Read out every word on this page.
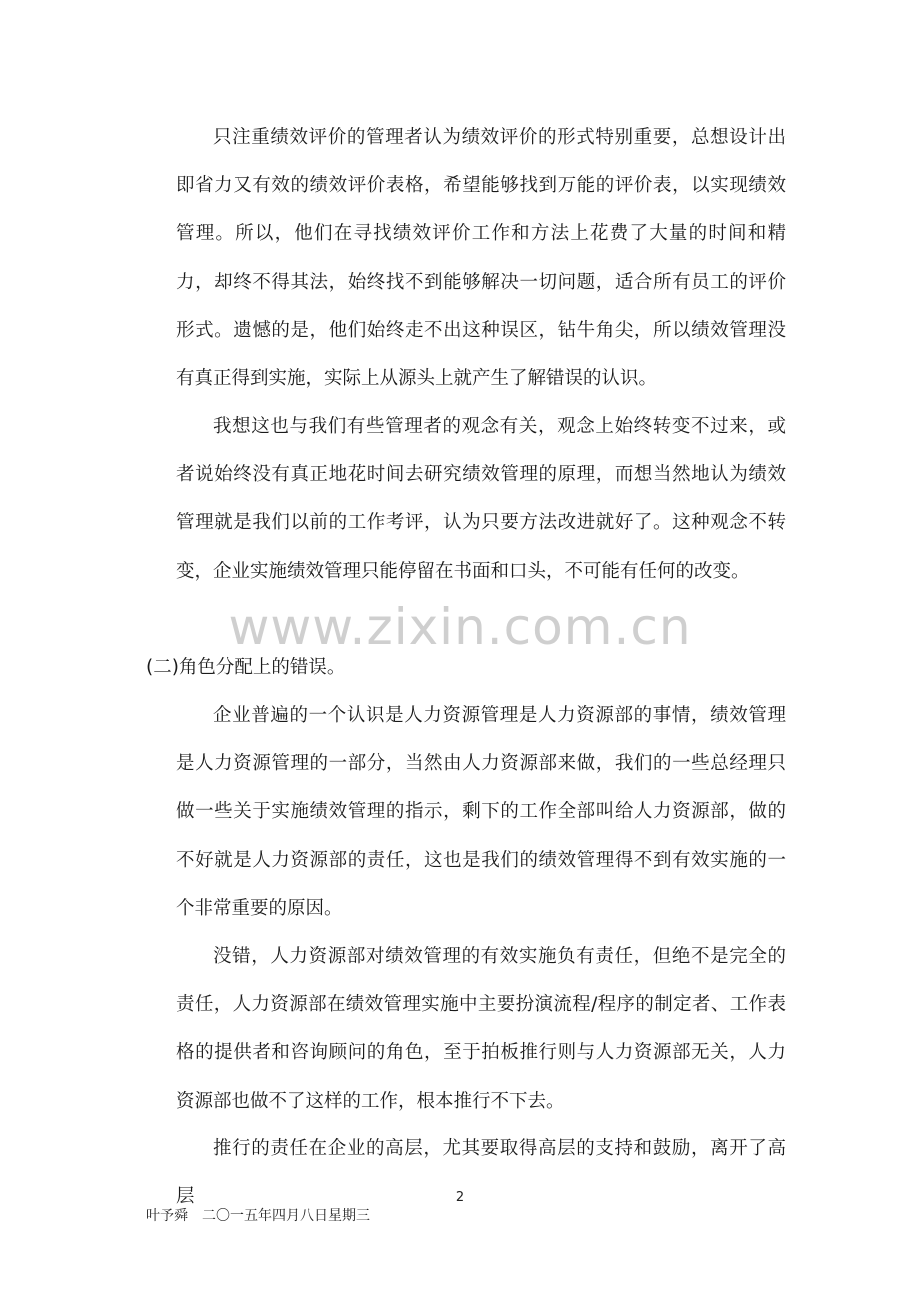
www.zixin.com.cn

只注重绩效评价的管理者认为绩效评价的形式特别重要，总想设计出即省力又有效的绩效评价表格，希望能够找到万能的评价表，以实现绩效管理。所以，他们在寻找绩效评价工作和方法上花费了大量的时间和精力，却终不得其法，始终找不到能够解决一切问题，适合所有员工的评价形式。遗憾的是，他们始终走不出这种误区，钻牛角尖，所以绩效管理没有真正得到实施，实际上从源头上就产生了解错误的认识。

我想这也与我们有些管理者的观念有关，观念上始终转变不过来，或者说始终没有真正地花时间去研究绩效管理的原理，而想当然地认为绩效管理就是我们以前的工作考评，认为只要方法改进就好了。这种观念不转变，企业实施绩效管理只能停留在书面和口头，不可能有任何的改变。

(二)角色分配上的错误。

企业普遍的一个认识是人力资源管理是人力资源部的事情，绩效管理是人力资源管理的一部分，当然由人力资源部来做，我们的一些总经理只做一些关于实施绩效管理的指示，剩下的工作全部叫给人力资源部，做的不好就是人力资源部的责任，这也是我们的绩效管理得不到有效实施的一个非常重要的原因。

没错，人力资源部对绩效管理的有效实施负有责任，但绝不是完全的责任，人力资源部在绩效管理实施中主要扮演流程/程序的制定者、工作表格的提供者和咨询顾问的角色，至于拍板推行则与人力资源部无关，人力资源部也做不了这样的工作，根本推行不下去。

推行的责任在企业的高层，尤其要取得高层的支持和鼓励，离开了高层	2
叶予舜　二〇一五年四月八日星期三
